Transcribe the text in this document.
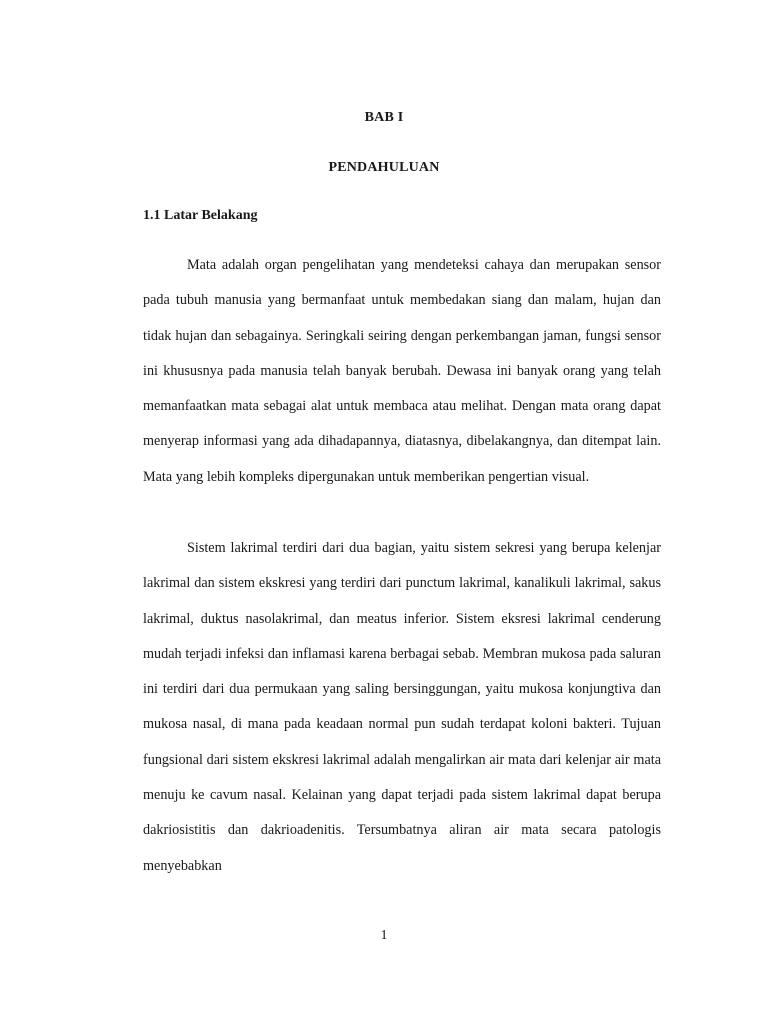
BAB I
PENDAHULUAN
1.1 Latar Belakang

Mata adalah organ pengelihatan yang mendeteksi cahaya dan merupakan sensor pada tubuh manusia yang bermanfaat untuk membedakan siang dan malam, hujan dan tidak hujan dan sebagainya. Seringkali seiring dengan perkembangan jaman, fungsi sensor ini khususnya pada manusia telah banyak berubah. Dewasa ini banyak orang yang telah memanfaatkan mata sebagai alat untuk membaca atau melihat. Dengan mata orang dapat menyerap informasi yang ada dihadapannya, diatasnya, dibelakangnya, dan ditempat lain. Mata yang lebih kompleks dipergunakan untuk memberikan pengertian visual.

Sistem lakrimal terdiri dari dua bagian, yaitu sistem sekresi yang berupa kelenjar lakrimal dan sistem ekskresi yang terdiri dari punctum lakrimal, kanalikuli lakrimal, sakus lakrimal, duktus nasolakrimal, dan meatus inferior. Sistem eksresi lakrimal cenderung mudah terjadi infeksi dan inflamasi karena berbagai sebab. Membran mukosa pada saluran ini terdiri dari dua permukaan yang saling bersinggungan, yaitu mukosa konjungtiva dan mukosa nasal, di mana pada keadaan normal pun sudah terdapat koloni bakteri. Tujuan fungsional dari sistem ekskresi lakrimal adalah mengalirkan air mata dari kelenjar air mata menuju ke cavum nasal. Kelainan yang dapat terjadi pada sistem lakrimal dapat berupa dakriosistitis dan dakrioadenitis. Tersumbatnya aliran air mata secara patologis menyebabkan

1
